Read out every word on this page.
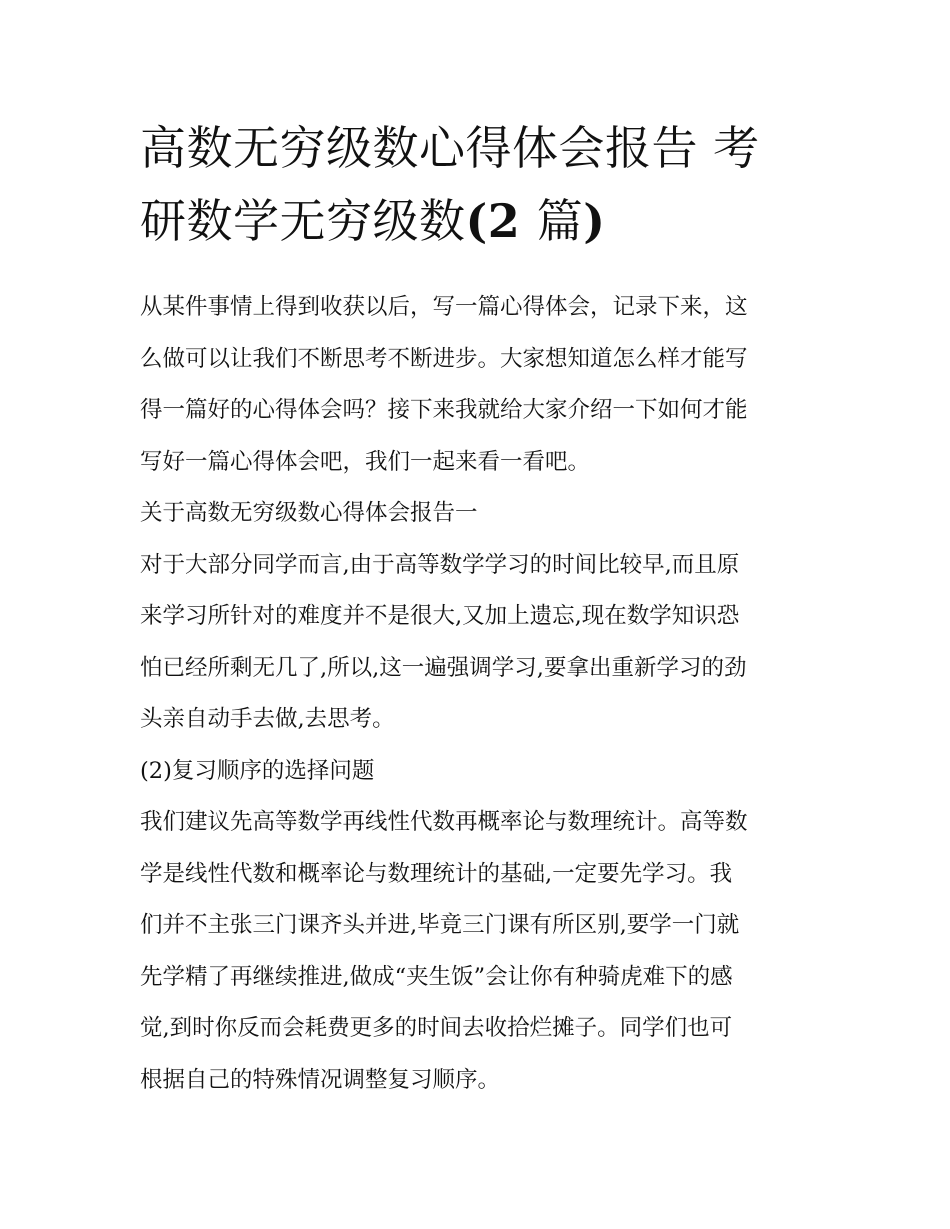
高数无穷级数心得体会报告 考
研数学无穷级数(2 篇)

从某件事情上得到收获以后，写一篇心得体会，记录下来，这
么做可以让我们不断思考不断进步。大家想知道怎么样才能写
得一篇好的心得体会吗？接下来我就给大家介绍一下如何才能
写好一篇心得体会吧，我们一起来看一看吧。

关于高数无穷级数心得体会报告一

对于大部分同学而言,由于高等数学学习的时间比较早,而且原
来学习所针对的难度并不是很大,又加上遗忘,现在数学知识恐
怕已经所剩无几了,所以,这一遍强调学习,要拿出重新学习的劲
头亲自动手去做,去思考。

(2)复习顺序的选择问题

我们建议先高等数学再线性代数再概率论与数理统计。高等数
学是线性代数和概率论与数理统计的基础,一定要先学习。我
们并不主张三门课齐头并进,毕竟三门课有所区别,要学一门就
先学精了再继续推进,做成“夹生饭”会让你有种骑虎难下的感
觉,到时你反而会耗费更多的时间去收拾烂摊子。同学们也可
根据自己的特殊情况调整复习顺序。
